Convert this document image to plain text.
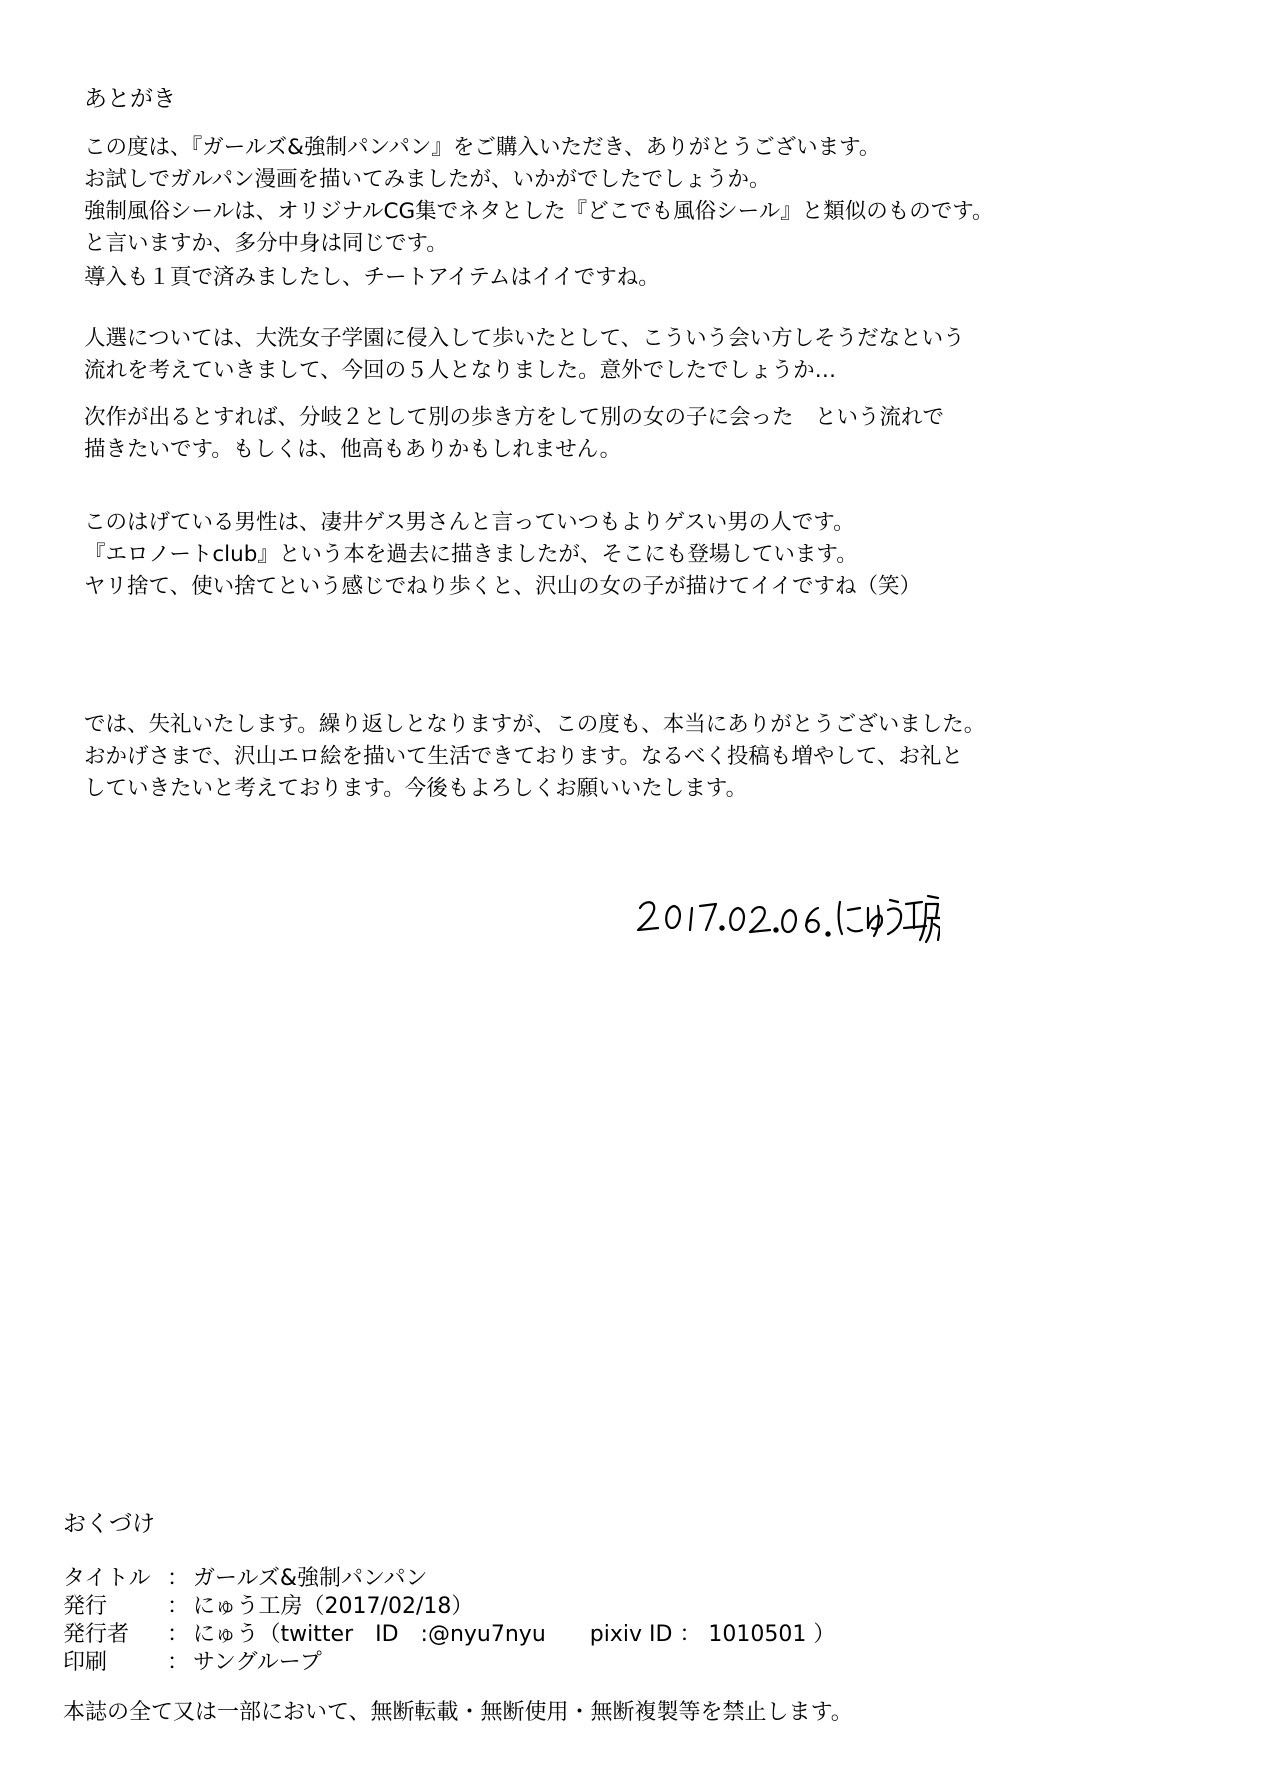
あとがき
この度は、『ガールズ&強制パンパン』をご購入いただき、ありがとうございます。
お試しでガルパン漫画を描いてみましたが、いかがでしたでしょうか。
強制風俗シールは、オリジナルCG集でネタとした『どこでも風俗シール』と類似のものです。
と言いますか、多分中身は同じです。
導入も１頁で済みましたし、チートアイテムはイイですね。
人選については、大洗女子学園に侵入して歩いたとして、こういう会い方しそうだなという
流れを考えていきまして、今回の５人となりました。意外でしたでしょうか…
次作が出るとすれば、分岐２として別の歩き方をして別の女の子に会った　という流れで
描きたいです。もしくは、他高もありかもしれません。
このはげている男性は、凄井ゲス男さんと言っていつもよりゲスい男の人です。
『エロノートclub』という本を過去に描きましたが、そこにも登場しています。
ヤリ捨て、使い捨てという感じでねり歩くと、沢山の女の子が描けてイイですね（笑）
では、失礼いたします。繰り返しとなりますが、この度も、本当にありがとうございました。
おかげさまで、沢山エロ絵を描いて生活できております。なるべく投稿も増やして、お礼と
していきたいと考えております。今後もよろしくお願いいたします。
おくづけ
タイトル ： ガールズ&強制パンパン
発行	： にゅう工房（2017/02/18）
発行者	： にゅう（twitter　ID　:@nyu7nyu　　pixiv ID ： 1010501 ）
印刷	： サングループ
本誌の全て又は一部において、無断転載・無断使用・無断複製等を禁止します。
